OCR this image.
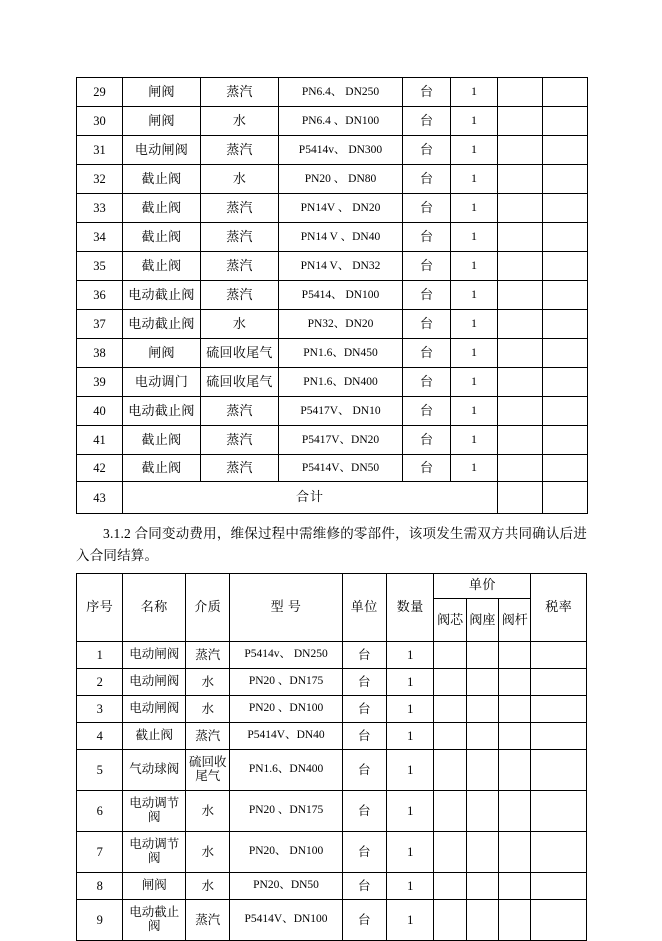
29	闸阀	蒸汽	PN6.4、 DN250	台	1		
30	闸阀	水	PN6.4 、DN100	台	1		
31	电动闸阀	蒸汽	P5414v、 DN300	台	1		
32	截止阀	水	PN20 、 DN80	台	1		
33	截止阀	蒸汽	PN14V 、 DN20	台	1		
34	截止阀	蒸汽	PN14 V 、DN40	台	1		
35	截止阀	蒸汽	PN14 V、 DN32	台	1		
36	电动截止阀	蒸汽	P5414、 DN100	台	1		
37	电动截止阀	水	PN32、DN20	台	1		
38	闸阀	硫回收尾气	PN1.6、DN450	台	1		
39	电动调门	硫回收尾气	PN1.6、DN400	台	1		
40	电动截止阀	蒸汽	P5417V、 DN10	台	1		
41	截止阀	蒸汽	P5417V、DN20	台	1		
42	截止阀	蒸汽	P5414V、DN50	台	1		
43	合计						

3.1.2 合同变动费用，维保过程中需维修的零部件，该项发生需双方共同确认后进入合同结算。

序号	名称	介质	型 号	单位	数量	单价			税率
						阀芯	阀座	阀杆	
1	电动闸阀	蒸汽	P5414v、 DN250	台	1				
2	电动闸阀	水	PN20 、DN175	台	1				
3	电动闸阀	水	PN20 、DN100	台	1				
4	截止阀	蒸汽	P5414V、DN40	台	1				
5	气动球阀	硫回收尾气	PN1.6、DN400	台	1				
6	电动调节阀	水	PN20 、DN175	台	1				
7	电动调节阀	水	PN20、 DN100	台	1				
8	闸阀	水	PN20、DN50	台	1				
9	电动截止阀	蒸汽	P5414V、DN100	台	1				
